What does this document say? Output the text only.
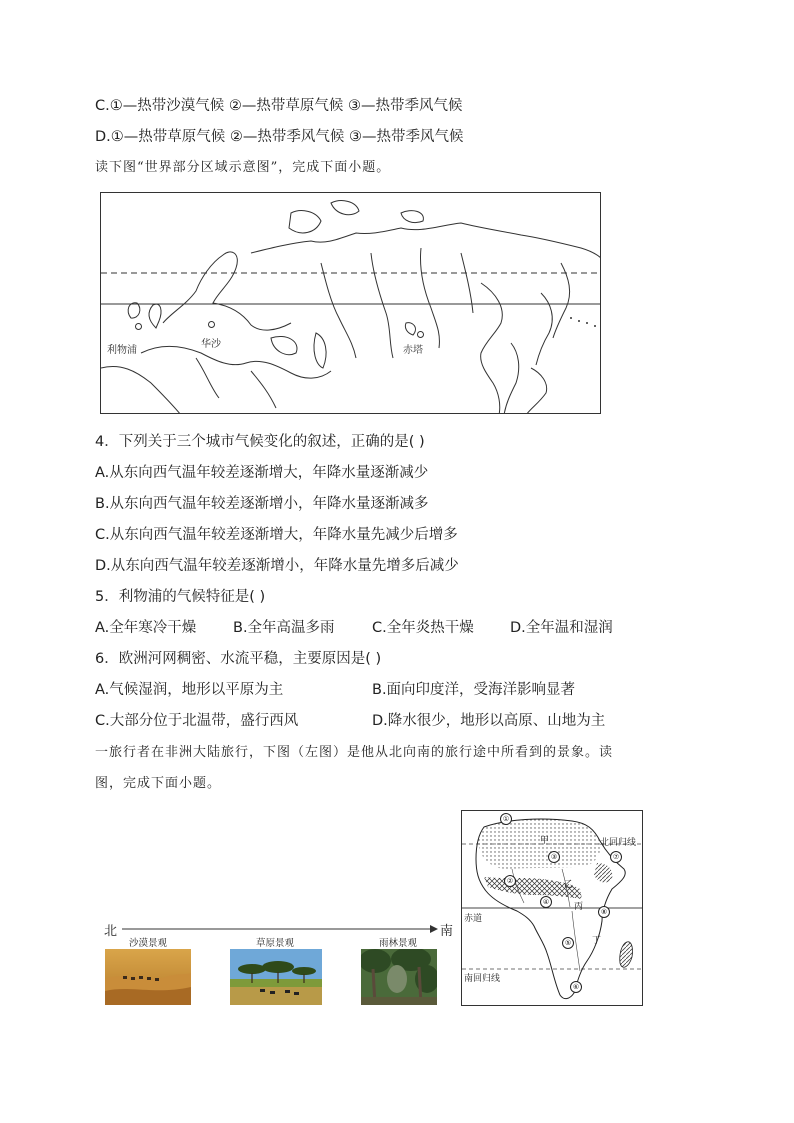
C.①—热带沙漠气候 ②—热带草原气候 ③—热带季风气候
D.①—热带草原气候 ②—热带季风气候 ③—热带季风气候
读下图“世界部分区域示意图”，完成下面小题。
利物浦
华沙
赤塔
4．下列关于三个城市气候变化的叙述，正确的是( )
A.从东向西气温年较差逐渐增大，年降水量逐渐减少
B.从东向西气温年较差逐渐增小，年降水量逐渐减多
C.从东向西气温年较差逐渐增大，年降水量先减少后增多
D.从东向西气温年较差逐渐增小，年降水量先增多后减少
5．利物浦的气候特征是( )
A.全年寒冷干燥	B.全年高温多雨	C.全年炎热干燥	D.全年温和湿润
6．欧洲河网稠密、水流平稳，主要原因是( )
A.气候湿润，地形以平原为主	B.面向印度洋，受海洋影响显著
C.大部分位于北温带，盛行西风	D.降水很少，地形以高原、山地为主
一旅行者在非洲大陆旅行，下图（左图）是他从北向南的旅行途中所看到的景象。读
图，完成下面小题。
北	南
沙漠景观	草原景观	雨林景观
北回归线
赤道
南回归线
甲
乙
丙
丁
①
②
③
④
⑤
⑥
⑦
⑧
